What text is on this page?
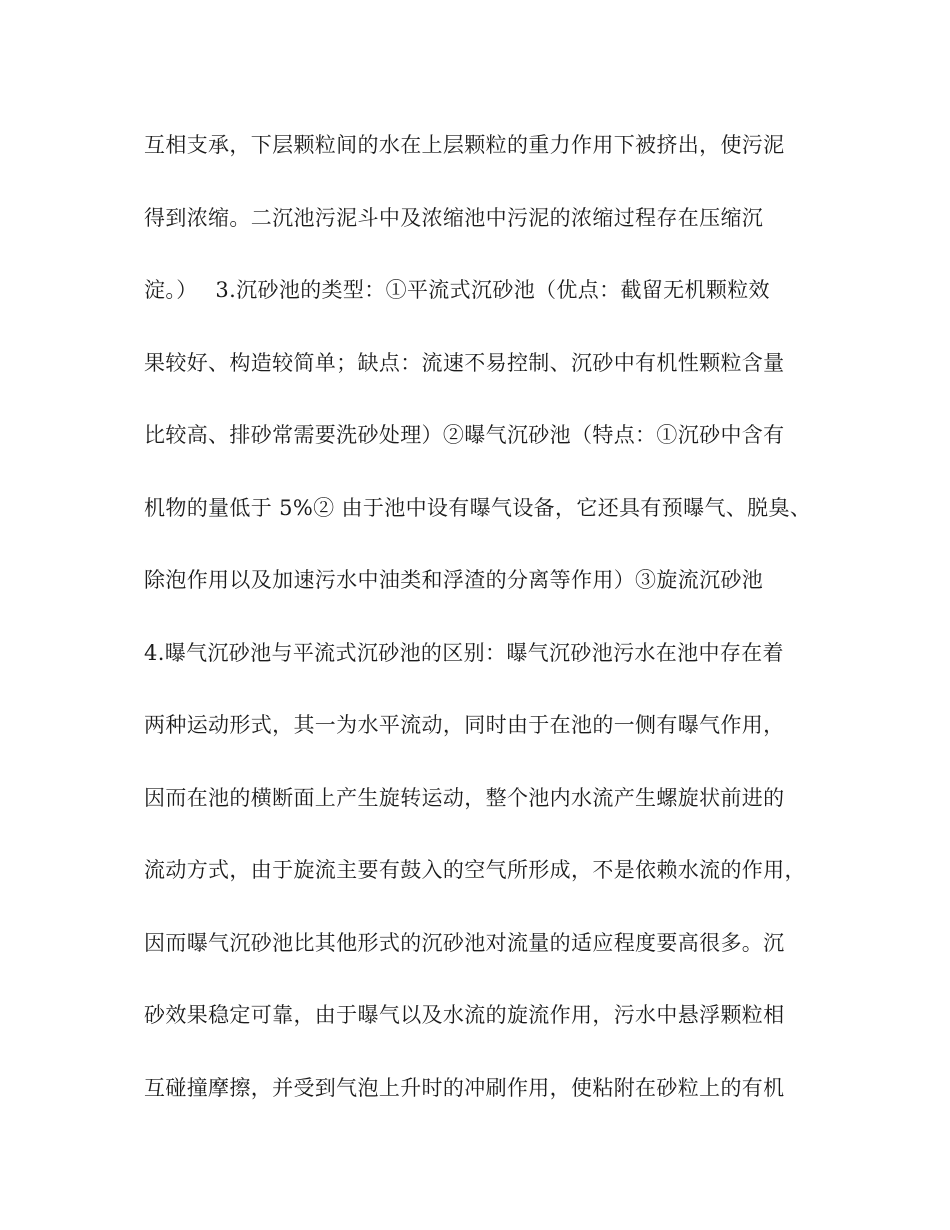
互相支承，下层颗粒间的水在上层颗粒的重力作用下被挤出，使污泥
得到浓缩。二沉池污泥斗中及浓缩池中污泥的浓缩过程存在压缩沉
淀。）　 3.沉砂池的类型：①平流式沉砂池（优点：截留无机颗粒效
果较好、构造较简单；缺点：流速不易控制、沉砂中有机性颗粒含量
比较高、排砂常需要洗砂处理）②曝气沉砂池（特点：①沉砂中含有
机物的量低于 5%② 由于池中设有曝气设备，它还具有预曝气、脱臭、
除泡作用以及加速污水中油类和浮渣的分离等作用）③旋流沉砂池
4.曝气沉砂池与平流式沉砂池的区别：曝气沉砂池污水在池中存在着
两种运动形式，其一为水平流动，同时由于在池的一侧有曝气作用，
因而在池的横断面上产生旋转运动，整个池内水流产生螺旋状前进的
流动方式，由于旋流主要有鼓入的空气所形成，不是依赖水流的作用，
因而曝气沉砂池比其他形式的沉砂池对流量的适应程度要高很多。沉
砂效果稳定可靠，由于曝气以及水流的旋流作用，污水中悬浮颗粒相
互碰撞摩擦，并受到气泡上升时的冲刷作用，使粘附在砂粒上的有机
